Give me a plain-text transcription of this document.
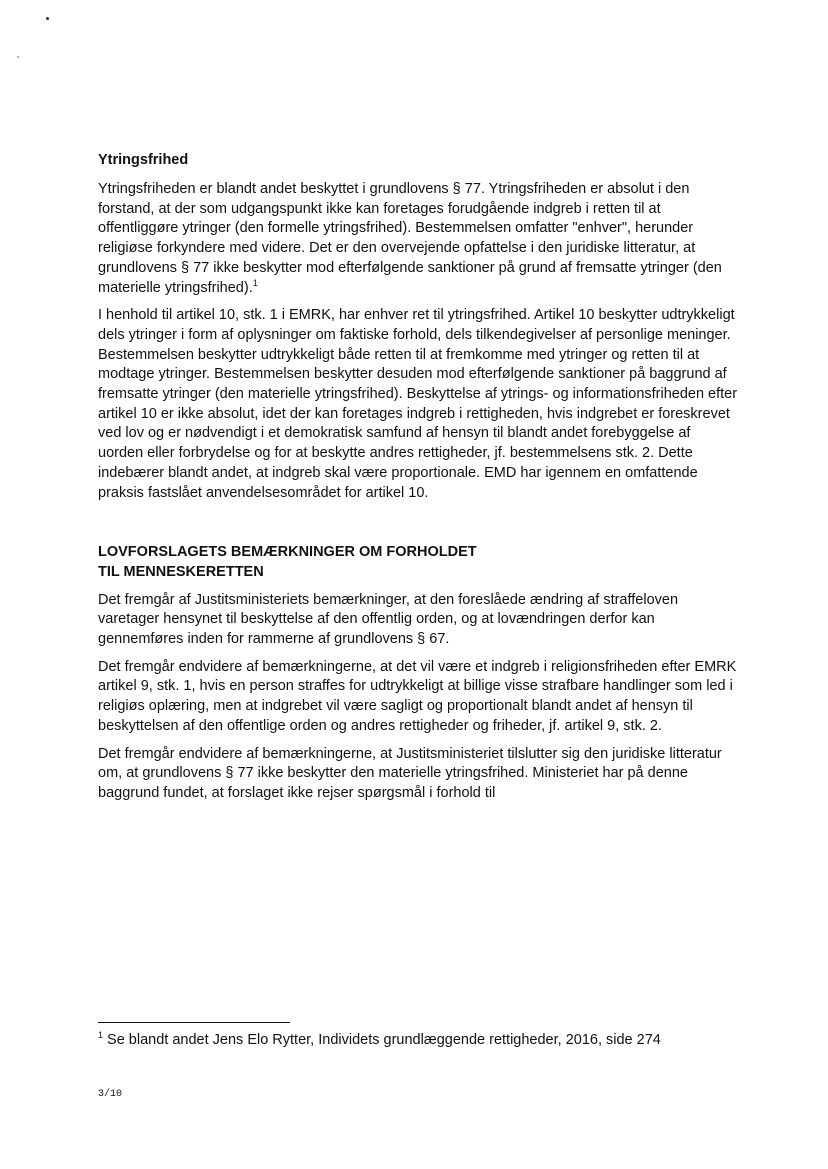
Ytringsfrihed

Ytringsfriheden er blandt andet beskyttet i grundlovens § 77. Ytringsfriheden er absolut i den forstand, at der som udgangspunkt ikke kan foretages forudgående indgreb i retten til at offentliggøre ytringer (den formelle ytringsfrihed). Bestemmelsen omfatter "enhver", herunder religiøse forkyndere med videre. Det er den overvejende opfattelse i den juridiske litteratur, at grundlovens § 77 ikke beskytter mod efterfølgende sanktioner på grund af fremsatte ytringer (den materielle ytringsfrihed).$^1$

I henhold til artikel 10, stk. 1 i EMRK, har enhver ret til ytringsfrihed. Artikel 10 beskytter udtrykkeligt dels ytringer i form af oplysninger om faktiske forhold, dels tilkendegivelser af personlige meninger. Bestemmelsen beskytter udtrykkeligt både retten til at fremkomme med ytringer og retten til at modtage ytringer. Bestemmelsen beskytter desuden mod efterfølgende sanktioner på baggrund af fremsatte ytringer (den materielle ytringsfrihed). Beskyttelse af ytrings- og informationsfriheden efter artikel 10 er ikke absolut, idet der kan foretages indgreb i rettigheden, hvis indgrebet er foreskrevet ved lov og er nødvendigt i et demokratisk samfund af hensyn til blandt andet forebyggelse af uorden eller forbrydelse og for at beskytte andres rettigheder, jf. bestemmelsens stk. 2. Dette indebærer blandt andet, at indgreb skal være proportionale. EMD har igennem en omfattende praksis fastslået anvendelsesområdet for artikel 10.

LOVFORSLAGETS BEMÆRKNINGER OM FORHOLDET TIL MENNESKERETTEN

Det fremgår af Justitsministeriets bemærkninger, at den foreslåede ændring af straffeloven varetager hensynet til beskyttelse af den offentlig orden, og at lovændringen derfor kan gennemføres inden for rammerne af grundlovens § 67.

Det fremgår endvidere af bemærkningerne, at det vil være et indgreb i religionsfriheden efter EMRK artikel 9, stk. 1, hvis en person straffes for udtrykkeligt at billige visse strafbare handlinger som led i religiøs oplæring, men at indgrebet vil være sagligt og proportionalt blandt andet af hensyn til beskyttelsen af den offentlige orden og andres rettigheder og friheder, jf. artikel 9, stk. 2.

Det fremgår endvidere af bemærkningerne, at Justitsministeriet tilslutter sig den juridiske litteratur om, at grundlovens § 77 ikke beskytter den materielle ytringsfrihed. Ministeriet har på denne baggrund fundet, at forslaget ikke rejser spørgsmål i forhold til

$^1$ Se blandt andet Jens Elo Rytter, Individets grundlæggende rettigheder, 2016, side 274
3/10
